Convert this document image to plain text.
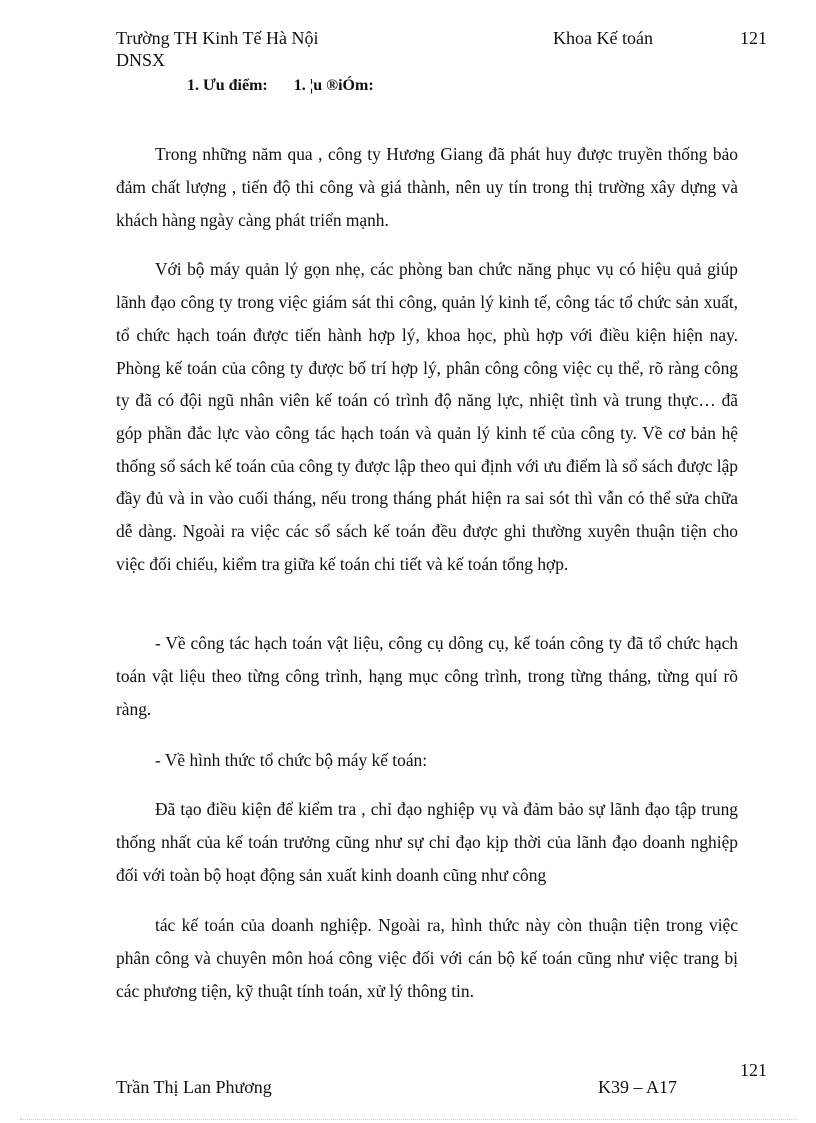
Trường TH Kinh Tế Hà Nội
DNSX
Khoa Kế toán	121
1. Ưu điểm: 1. ¦u ®iÓm:

Trong những năm qua , công ty Hương Giang đã phát huy được truyền thống bảo đảm chất lượng , tiến độ thi công và giá thành, nên uy tín trong thị trường xây dựng và khách hàng ngày càng phát triển mạnh.

Với bộ máy quản lý gọn nhẹ, các phòng ban chức năng phục vụ có hiệu quả giúp lãnh đạo công ty trong việc giám sát thi công, quản lý kinh tế, công tác tổ chức sản xuất, tổ chức hạch toán được tiến hành hợp lý, khoa học, phù hợp với điều kiện hiện nay. Phòng kế toán của công ty được bố trí hợp lý, phân công công việc cụ thể, rõ ràng công ty đã có đội ngũ nhân viên kế toán có trình độ năng lực, nhiệt tình và trung thực… đã góp phần đắc lực vào công tác hạch toán và quản lý kinh tế của công ty. Về cơ bản hệ thống sổ sách kế toán của công ty được lập theo qui định với ưu điểm là sổ sách được lập đầy đủ và in vào cuối tháng, nếu trong tháng phát hiện ra sai sót thì vẫn có thể sửa chữa dễ dàng. Ngoài ra việc các sổ sách kế toán đều được ghi thường xuyên thuận tiện cho việc đối chiếu, kiểm tra giữa kế toán chi tiết và kế toán tổng hợp.

- Về công tác hạch toán vật liệu, công cụ dông cụ, kế toán công ty đã tổ chức hạch toán vật liệu theo từng công trình, hạng mục công trình, trong từng tháng, từng quí rõ ràng.

- Về hình thức tổ chức bộ máy kế toán:

Đã tạo điều kiện để kiểm tra , chỉ đạo nghiệp vụ và đảm bảo sự lãnh đạo tập trung thống nhất của kế toán trưởng cũng như sự chỉ đạo kịp thời của lãnh đạo doanh nghiệp đối với toàn bộ hoạt động sản xuất kinh doanh cũng như công

tác kế toán của doanh nghiệp. Ngoài ra, hình thức này còn thuận tiện trong việc phân công và chuyên môn hoá công việc đối với cán bộ kế toán cũng như việc trang bị các phương tiện, kỹ thuật tính toán, xử lý thông tin.

121
Trần Thị Lan Phương	K39 – A17
